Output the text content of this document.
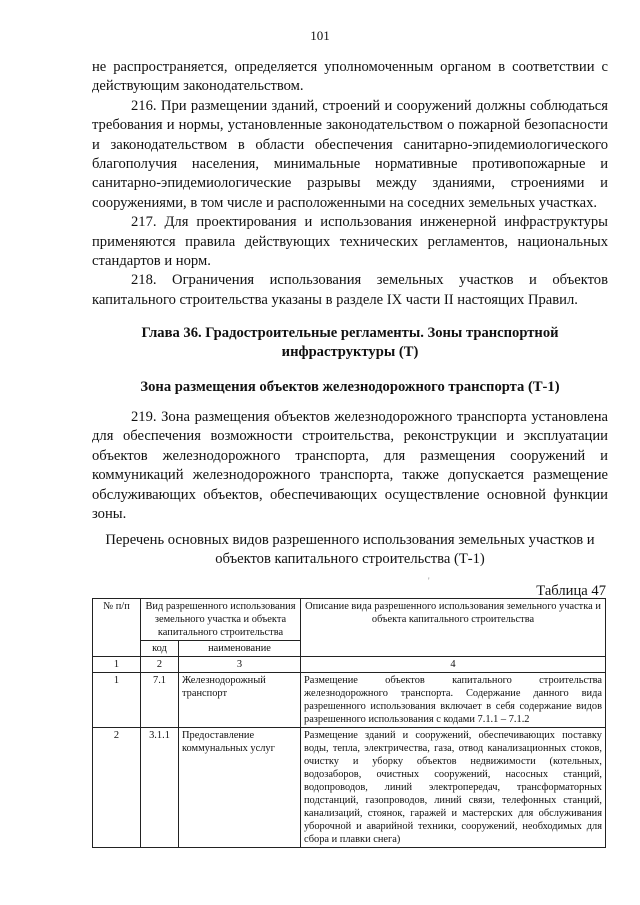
101

не распространяется, определяется уполномоченным органом в соответствии с действующим законодательством.

216. При размещении зданий, строений и сооружений должны соблюдаться требования и нормы, установленные законодательством о пожарной безопасности и законодательством в области обеспечения санитарно-эпидемиологического благополучия населения, минимальные нормативные противопожарные и санитарно-эпидемиологические разрывы между зданиями, строениями и сооружениями, в том числе и расположенными на соседних земельных участках.

217. Для проектирования и использования инженерной инфраструктуры применяются правила действующих технических регламентов, национальных стандартов и норм.

218. Ограничения использования земельных участков и объектов капитального строительства указаны в разделе IX части II настоящих Правил.

Глава 36. Градостроительные регламенты. Зоны транспортной инфраструктуры (Т)
Зона размещения объектов железнодорожного транспорта (Т-1)

219. Зона размещения объектов железнодорожного транспорта установлена для обеспечения возможности строительства, реконструкции и эксплуатации объектов железнодорожного транспорта, для размещения сооружений и коммуникаций железнодорожного транспорта, также допускается размещение обслуживающих объектов, обеспечивающих осуществление основной функции зоны.

Перечень основных видов разрешенного использования земельных участков и объектов капитального строительства (Т-1)
'
Таблица 47
№ п/п	Вид разрешенного использования земельного участка и объекта капитального строительства		Описание вида разрешенного использования земельного участка и объекта капитального строительства
	код	наименование	
1	2	3	4
1	7.1	Железнодорожный транспорт	Размещение объектов капитального строительства железнодорожного транспорта. Содержание данного вида разрешенного использования включает в себя содержание видов разрешенного использования с кодами 7.1.1 – 7.1.2
2	3.1.1	Предоставление коммунальных услуг	Размещение зданий и сооружений, обеспечивающих поставку воды, тепла, электричества, газа, отвод канализационных стоков, очистку и уборку объектов недвижимости (котельных, водозаборов, очистных сооружений, насосных станций, водопроводов, линий электропередач, трансформаторных подстанций, газопроводов, линий связи, телефонных станций, канализаций, стоянок, гаражей и мастерских для обслуживания уборочной и аварийной техники, сооружений, необходимых для сбора и плавки снега)
